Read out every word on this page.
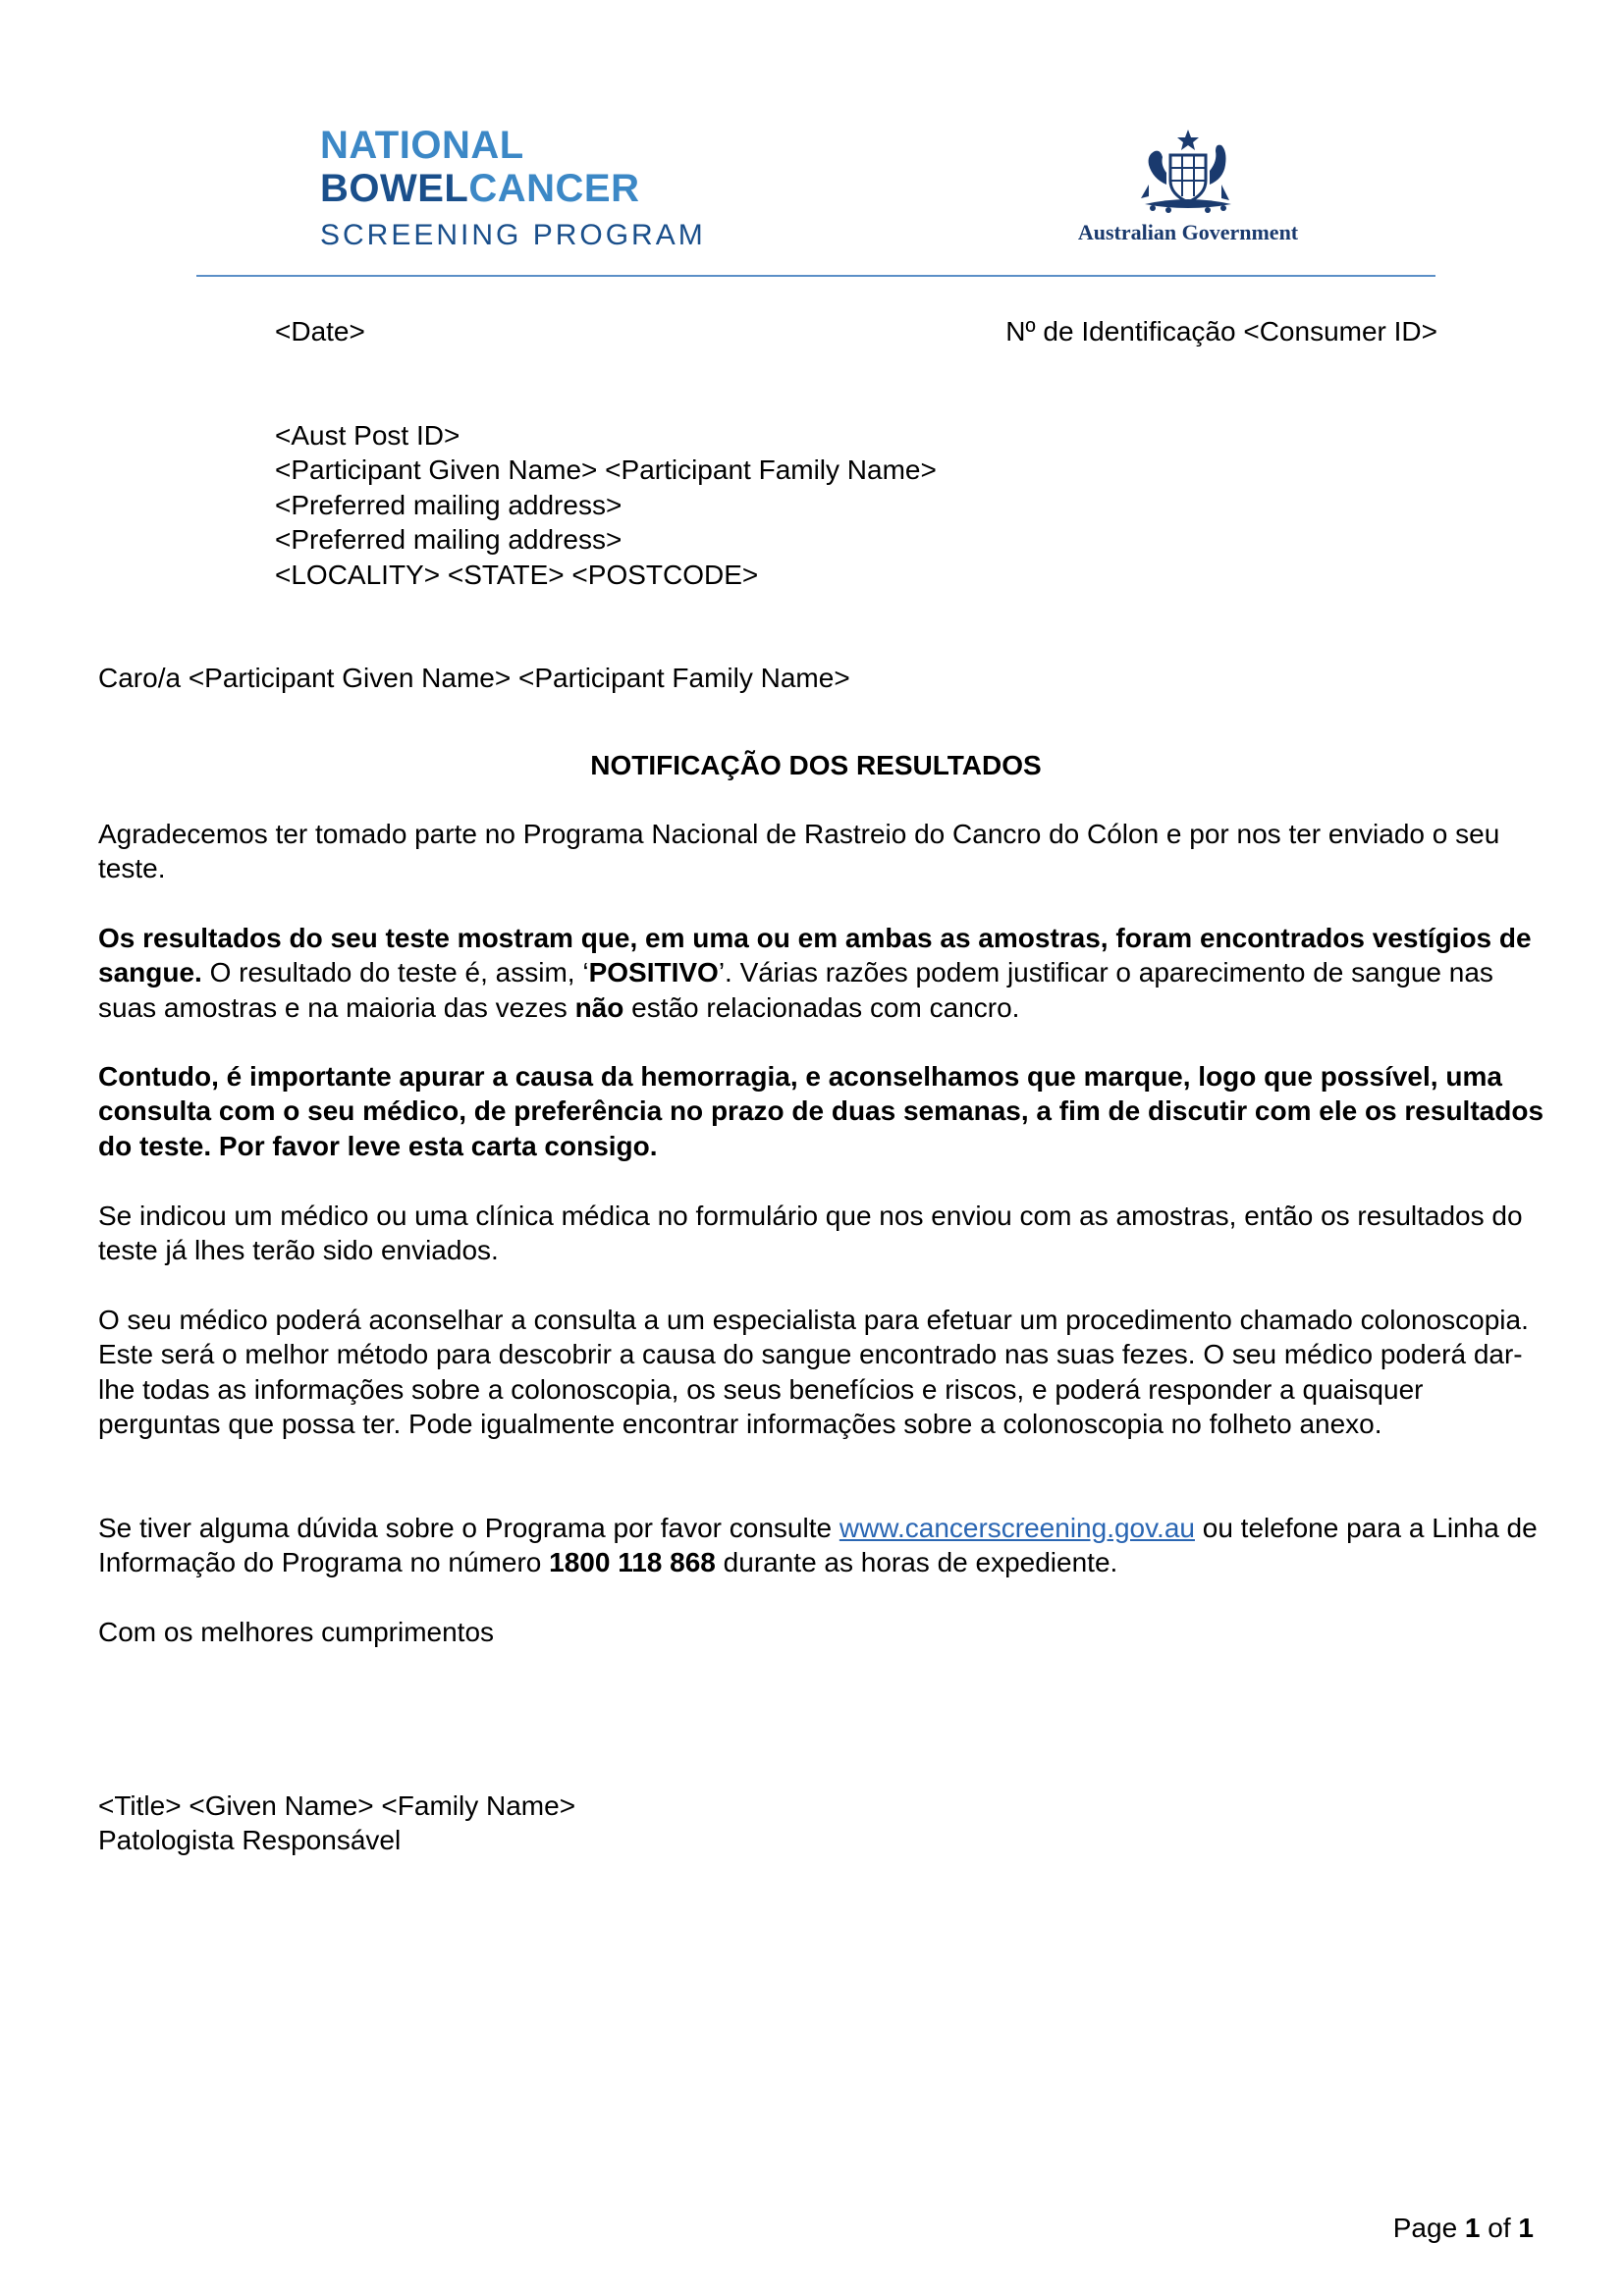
NATIONAL
BOWELCANCER
SCREENING PROGRAM	Australian Government
<Date>	Nº de Identificação <Consumer ID>
<Aust Post ID>
<Participant Given Name> <Participant Family Name>
<Preferred mailing address>
<Preferred mailing address>
<LOCALITY> <STATE> <POSTCODE>
Caro/a <Participant Given Name> <Participant Family Name>
NOTIFICAÇÃO DOS RESULTADOS
Agradecemos ter tomado parte no Programa Nacional de Rastreio do Cancro do Cólon e por nos ter enviado o seu teste.
Os resultados do seu teste mostram que, em uma ou em ambas as amostras, foram encontrados vestígios de sangue. O resultado do teste é, assim, ‘POSITIVO’. Várias razões podem justificar o aparecimento de sangue nas suas amostras e na maioria das vezes não estão relacionadas com cancro.
Contudo, é importante apurar a causa da hemorragia, e aconselhamos que marque, logo que possível, uma consulta com o seu médico, de preferência no prazo de duas semanas, a fim de discutir com ele os resultados do teste. Por favor leve esta carta consigo.
Se indicou um médico ou uma clínica médica no formulário que nos enviou com as amostras, então os resultados do teste já lhes terão sido enviados.
O seu médico poderá aconselhar a consulta a um especialista para efetuar um procedimento chamado colonoscopia. Este será o melhor método para descobrir a causa do sangue encontrado nas suas fezes. O seu médico poderá dar-lhe todas as informações sobre a colonoscopia, os seus benefícios e riscos, e poderá responder a quaisquer perguntas que possa ter. Pode igualmente encontrar informações sobre a colonoscopia no folheto anexo.
Se tiver alguma dúvida sobre o Programa por favor consulte www.cancerscreening.gov.au ou telefone para a Linha de Informação do Programa no número 1800 118 868 durante as horas de expediente.
Com os melhores cumprimentos
<Title> <Given Name> <Family Name>
Patologista Responsável
Page 1 of 1
